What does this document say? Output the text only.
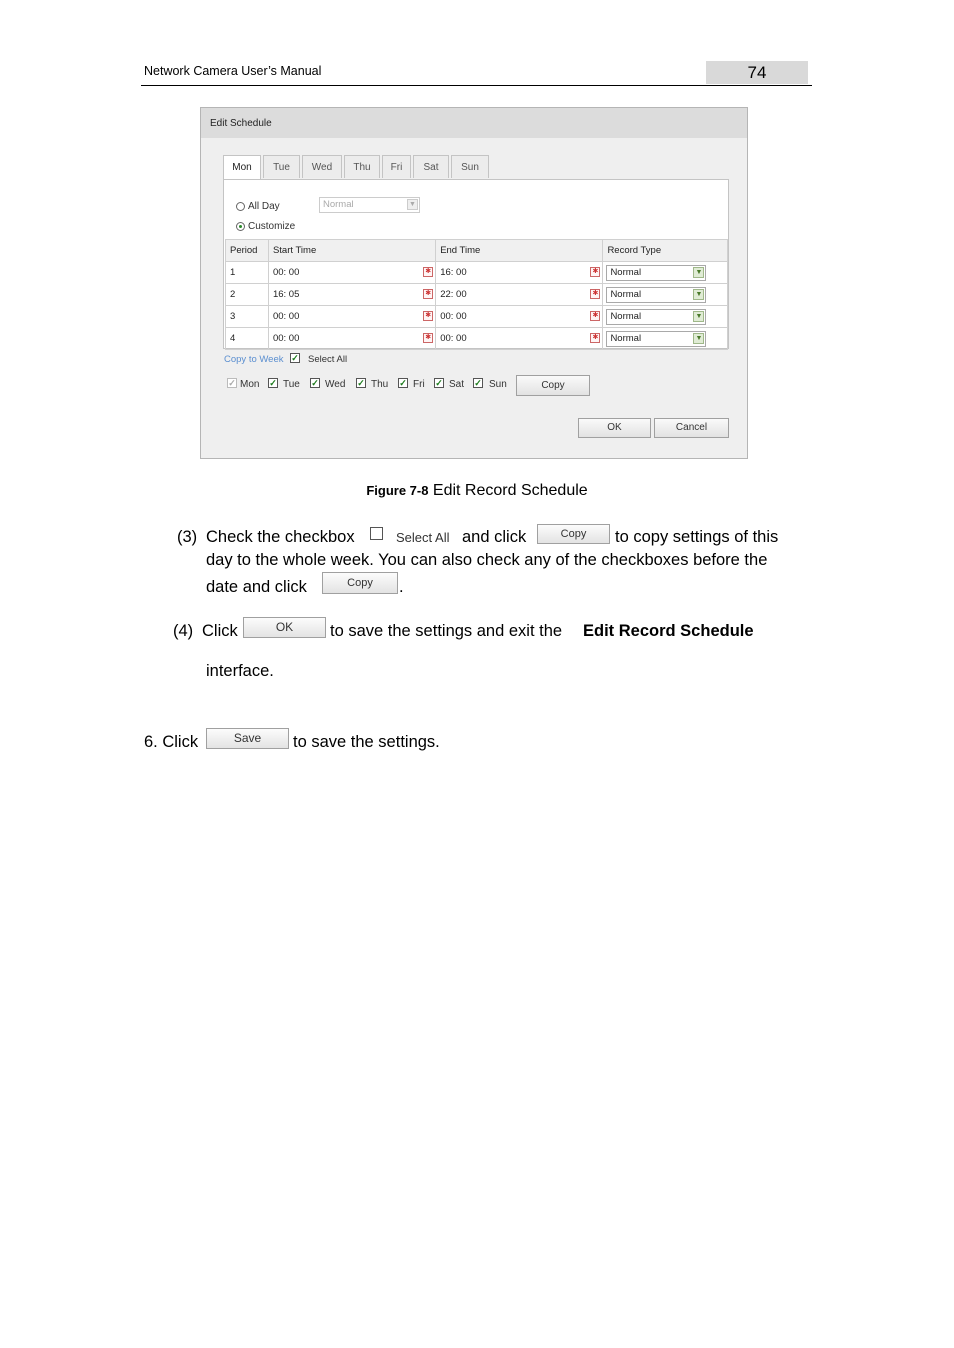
Network Camera User’s Manual	74
Edit Schedule
Mon	Tue	Wed	Thu	Fri	Sat	Sun
All Day	Normal	▼
Customize
Period	Start Time	End Time	Record Type
1	00: 00 ✱	16: 00 ✱	Normal ▼

2	16: 05 ✱	22: 00 ✱	Normal ▼

3	00: 00 ✱	00: 00 ✱	Normal ▼

4	00: 00 ✱	00: 00 ✱	Normal ▼
Copy to Week ✓ Select All
✓ Mon ✓ Tue ✓ Wed ✓ Thu ✓ Fri ✓ Sat ✓ Sun	Copy
OK	Cancel
Figure 7-8 Edit Record Schedule
(3) Check the checkbox	Select All and click	Copy	to copy settings of this
day to the whole week. You can also check any of the checkboxes before the
date and click	Copy	.
(4) Click	OK	to save the settings and exit the Edit Record Schedule
interface.
6. Click	Save	to save the settings.
